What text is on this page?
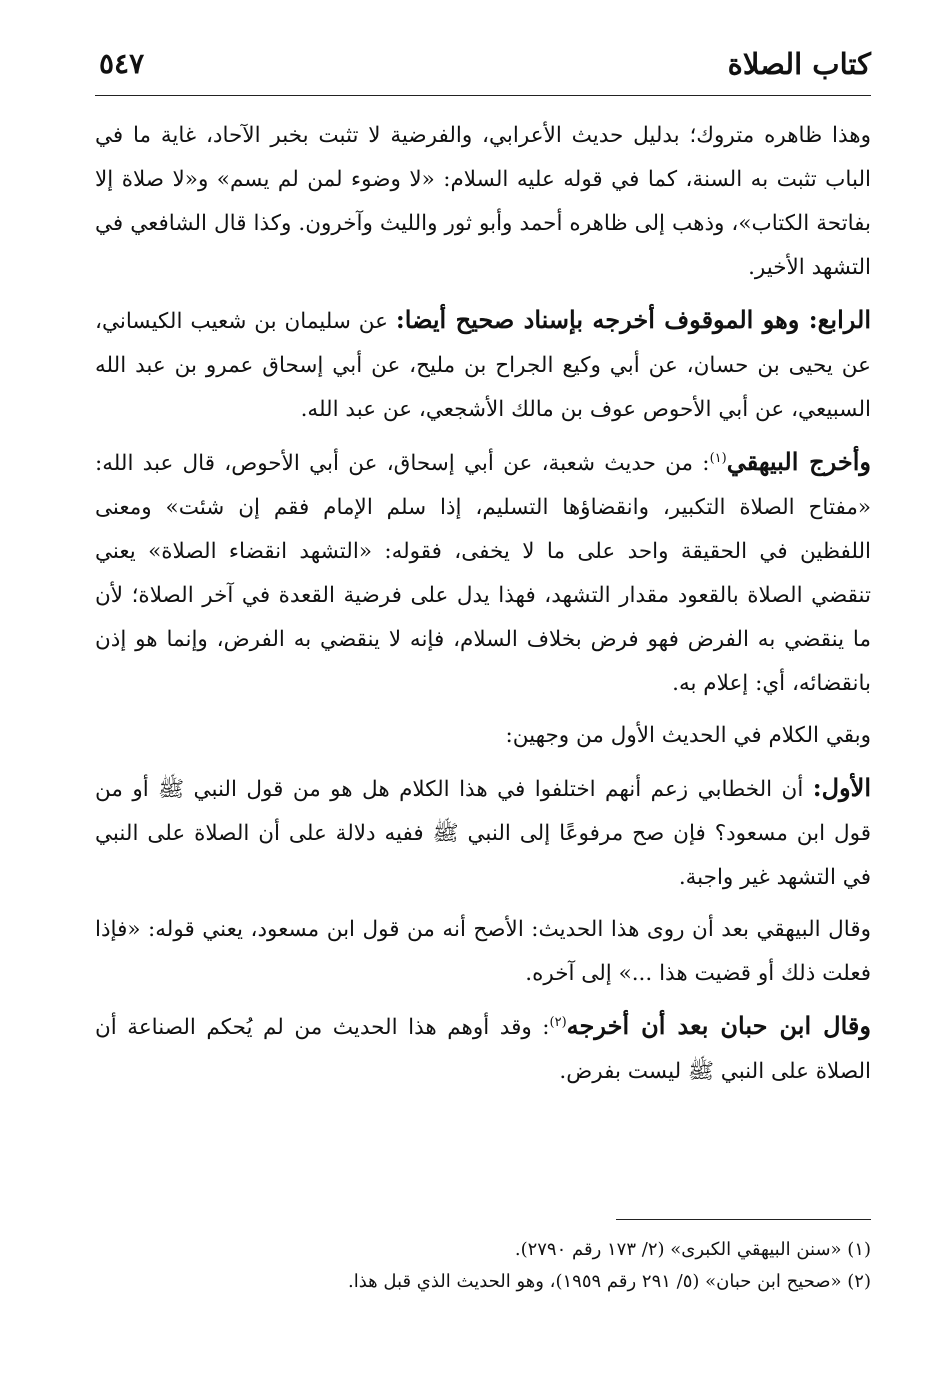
كتاب الصلاة
٥٤٧

وهذا ظاهره متروك؛ بدليل حديث الأعرابي، والفرضية لا تثبت بخبر الآحاد، غاية ما في الباب تثبت به السنة، كما في قوله عليه السلام: «لا وضوء لمن لم يسم» و«لا صلاة إلا بفاتحة الكتاب»، وذهب إلى ظاهره أحمد وأبو ثور والليث وآخرون. وكذا قال الشافعي في التشهد الأخير.

الرابع: وهو الموقوف أخرجه بإسناد صحيح أيضا: عن سليمان بن شعيب الكيساني، عن يحيى بن حسان، عن أبي وكيع الجراح بن مليح، عن أبي إسحاق عمرو بن عبد الله السبيعي، عن أبي الأحوص عوف بن مالك الأشجعي، عن عبد الله.

وأخرج البيهقي$^{(١)}$: من حديث شعبة، عن أبي إسحاق، عن أبي الأحوص، قال عبد الله: «مفتاح الصلاة التكبير، وانقضاؤها التسليم، إذا سلم الإمام فقم إن شئت» ومعنى اللفظين في الحقيقة واحد على ما لا يخفى، فقوله: «التشهد انقضاء الصلاة» يعني تنقضي الصلاة بالقعود مقدار التشهد، فهذا يدل على فرضية القعدة في آخر الصلاة؛ لأن ما ينقضي به الفرض فهو فرض بخلاف السلام، فإنه لا ينقضي به الفرض، وإنما هو إذن بانقضائه، أي: إعلام به.

وبقي الكلام في الحديث الأول من وجهين:

الأول: أن الخطابي زعم أنهم اختلفوا في هذا الكلام هل هو من قول النبي ﷺ أو من قول ابن مسعود؟ فإن صح مرفوعًا إلى النبي ﷺ ففيه دلالة على أن الصلاة على النبي في التشهد غير واجبة.

وقال البيهقي بعد أن روى هذا الحديث: الأصح أنه من قول ابن مسعود، يعني قوله: «فإذا فعلت ذلك أو قضيت هذا ...» إلى آخره.

وقال ابن حبان بعد أن أخرجه$^{(٢)}$: وقد أوهم هذا الحديث من لم يُحكم الصناعة أن الصلاة على النبي ﷺ ليست بفرض.

(١) «سنن البيهقي الكبرى» (٢/ ١٧٣ رقم ٢٧٩٠).

(٢) «صحيح ابن حبان» (٥/ ٢٩١ رقم ١٩٥٩)، وهو الحديث الذي قبل هذا.
